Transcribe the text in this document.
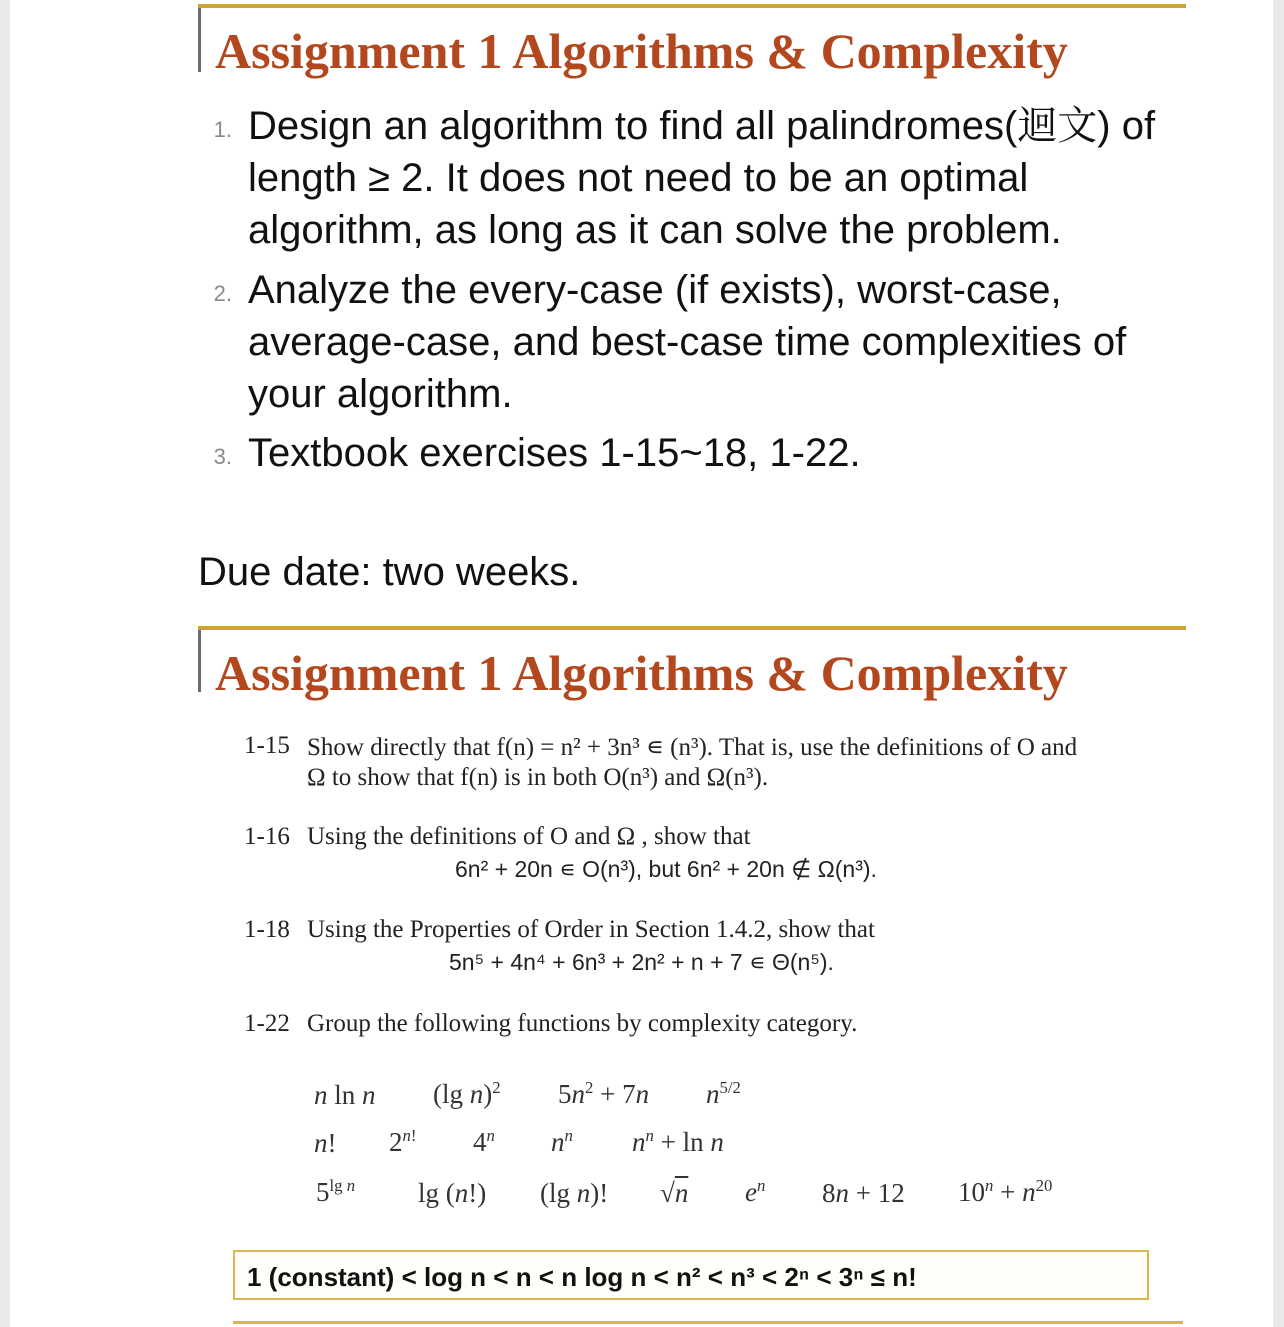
Assignment 1 Algorithms & Complexity
1. Design an algorithm to find all palindromes(迴文) of length ≥ 2. It does not need to be an optimal algorithm, as long as it can solve the problem.
2. Analyze the every-case (if exists), worst-case, average-case, and best-case time complexities of your algorithm.
3. Textbook exercises 1-15~18, 1-22.
Due date: two weeks.
Assignment 1 Algorithms & Complexity
1-15 Show directly that f(n) = n² + 3n³ ∊ (n³). That is, use the definitions of O and
Ω to show that f(n) is in both O(n³) and Ω(n³).
1-16 Using the definitions of O and Ω , show that
6n² + 20n ∊ O(n³), but 6n² + 20n ∉ Ω(n³).
1-18 Using the Properties of Order in Section 1.4.2, show that
5n⁵ + 4n⁴ + 6n³ + 2n² + n + 7 ∊ Θ(n⁵).
1-22 Group the following functions by complexity category.
n ln n (lg n)$^2$ $5n^2 + 7n$ $n^{5/2}$
n! $2^{n!}$ 4$^n$ $n^n$ $n^n + \ln n$
$5^{lg n}$ lg (n!) (lg n)! √n $e^n$ 8n + 12 $10^n + n^{20}$
1 (constant) < log n < n < n log n < n² < n³ < 2ⁿ < 3ⁿ ≤ n!
